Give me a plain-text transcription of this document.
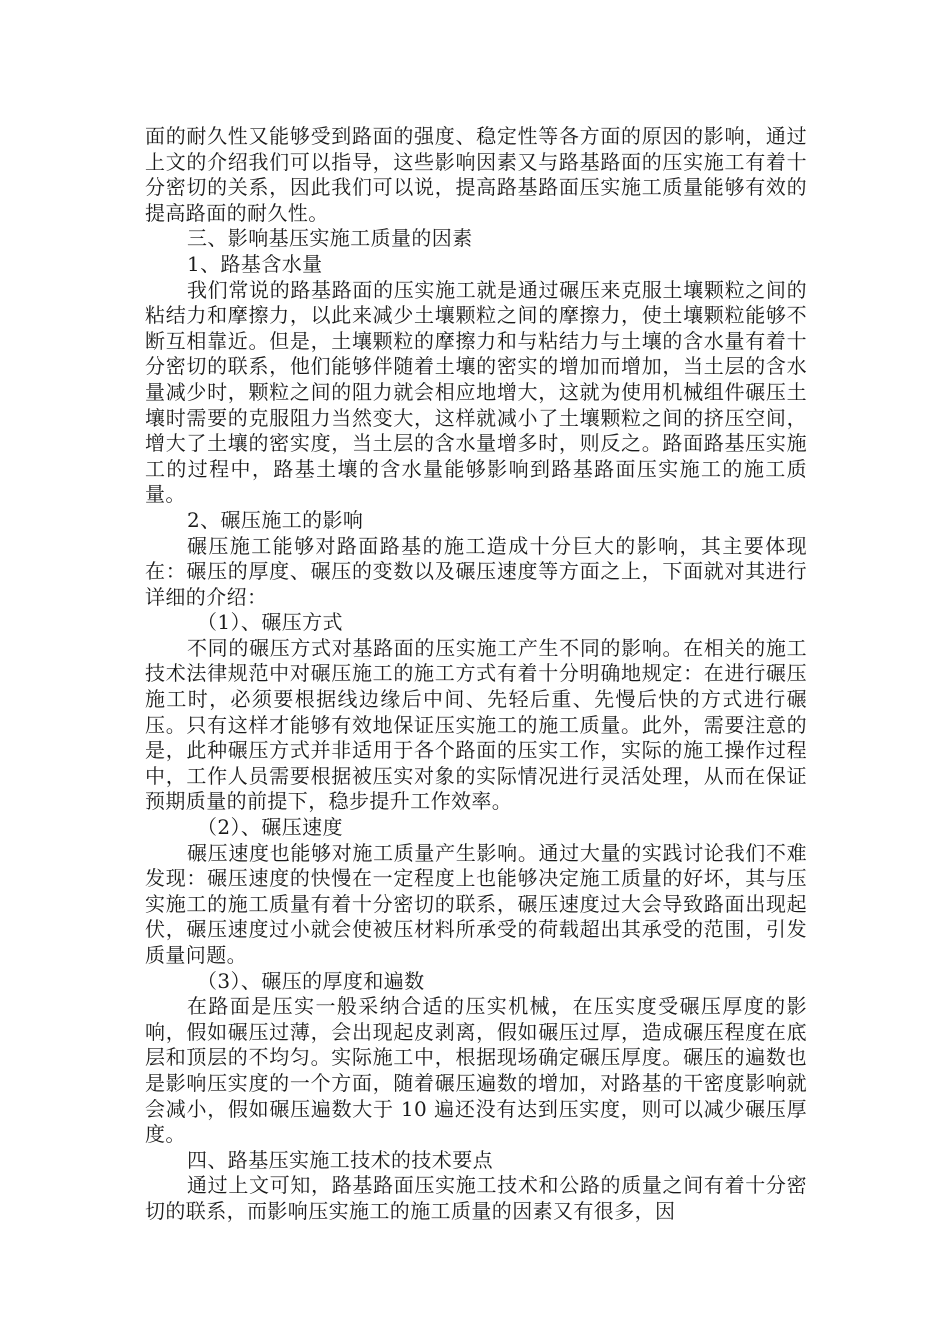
面的耐久性又能够受到路面的强度、稳定性等各方面的原因的影响，通过上文的介绍我们可以指导，这些影响因素又与路基路面的压实施工有着十分密切的关系，因此我们可以说，提高路基路面压实施工质量能够有效的提高路面的耐久性。

三、影响基压实施工质量的因素

1、路基含水量

我们常说的路基路面的压实施工就是通过碾压来克服土壤颗粒之间的粘结力和摩擦力，以此来减少土壤颗粒之间的摩擦力，使土壤颗粒能够不断互相靠近。但是，土壤颗粒的摩擦力和与粘结力与土壤的含水量有着十分密切的联系，他们能够伴随着土壤的密实的增加而增加，当土层的含水量减少时，颗粒之间的阻力就会相应地增大，这就为使用机械组件碾压土壤时需要的克服阻力当然变大，这样就减小了土壤颗粒之间的挤压空间，增大了土壤的密实度，当土层的含水量增多时，则反之。路面路基压实施工的过程中，路基土壤的含水量能够影响到路基路面压实施工的施工质量。

2、碾压施工的影响

碾压施工能够对路面路基的施工造成十分巨大的影响，其主要体现在：碾压的厚度、碾压的变数以及碾压速度等方面之上，下面就对其进行详细的介绍：

（1）、碾压方式

不同的碾压方式对基路面的压实施工产生不同的影响。在相关的施工技术法律规范中对碾压施工的施工方式有着十分明确地规定：在进行碾压施工时，必须要根据线边缘后中间、先轻后重、先慢后快的方式进行碾压。只有这样才能够有效地保证压实施工的施工质量。此外，需要注意的是，此种碾压方式并非适用于各个路面的压实工作，实际的施工操作过程中，工作人员需要根据被压实对象的实际情况进行灵活处理，从而在保证预期质量的前提下，稳步提升工作效率。

（2）、碾压速度

碾压速度也能够对施工质量产生影响。通过大量的实践讨论我们不难发现：碾压速度的快慢在一定程度上也能够决定施工质量的好坏，其与压实施工的施工质量有着十分密切的联系，碾压速度过大会导致路面出现起伏，碾压速度过小就会使被压材料所承受的荷载超出其承受的范围，引发质量问题。

（3）、碾压的厚度和遍数

在路面是压实一般采纳合适的压实机械，在压实度受碾压厚度的影响，假如碾压过薄，会出现起皮剥离，假如碾压过厚，造成碾压程度在底层和顶层的不均匀。实际施工中，根据现场确定碾压厚度。碾压的遍数也是影响压实度的一个方面，随着碾压遍数的增加，对路基的干密度影响就会减小，假如碾压遍数大于 10 遍还没有达到压实度，则可以减少碾压厚度。

四、路基压实施工技术的技术要点

通过上文可知，路基路面压实施工技术和公路的质量之间有着十分密切的联系，而影响压实施工的施工质量的因素又有很多，因
